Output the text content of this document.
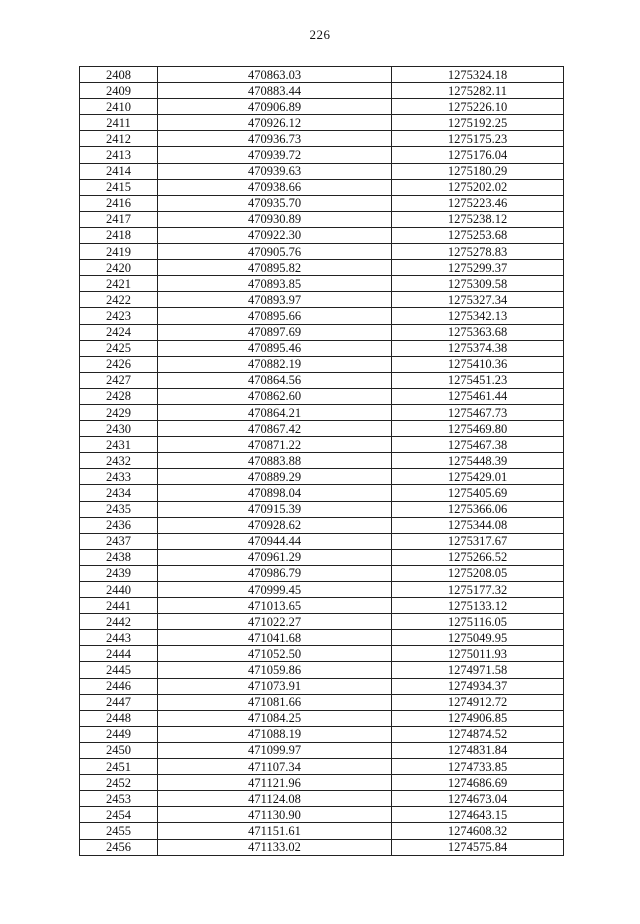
226
2408	470863.03	1275324.18
2409	470883.44	1275282.11
2410	470906.89	1275226.10
2411	470926.12	1275192.25
2412	470936.73	1275175.23
2413	470939.72	1275176.04
2414	470939.63	1275180.29
2415	470938.66	1275202.02
2416	470935.70	1275223.46
2417	470930.89	1275238.12
2418	470922.30	1275253.68
2419	470905.76	1275278.83
2420	470895.82	1275299.37
2421	470893.85	1275309.58
2422	470893.97	1275327.34
2423	470895.66	1275342.13
2424	470897.69	1275363.68
2425	470895.46	1275374.38
2426	470882.19	1275410.36
2427	470864.56	1275451.23
2428	470862.60	1275461.44
2429	470864.21	1275467.73
2430	470867.42	1275469.80
2431	470871.22	1275467.38
2432	470883.88	1275448.39
2433	470889.29	1275429.01
2434	470898.04	1275405.69
2435	470915.39	1275366.06
2436	470928.62	1275344.08
2437	470944.44	1275317.67
2438	470961.29	1275266.52
2439	470986.79	1275208.05
2440	470999.45	1275177.32
2441	471013.65	1275133.12
2442	471022.27	1275116.05
2443	471041.68	1275049.95
2444	471052.50	1275011.93
2445	471059.86	1274971.58
2446	471073.91	1274934.37
2447	471081.66	1274912.72
2448	471084.25	1274906.85
2449	471088.19	1274874.52
2450	471099.97	1274831.84
2451	471107.34	1274733.85
2452	471121.96	1274686.69
2453	471124.08	1274673.04
2454	471130.90	1274643.15
2455	471151.61	1274608.32
2456	471133.02	1274575.84
